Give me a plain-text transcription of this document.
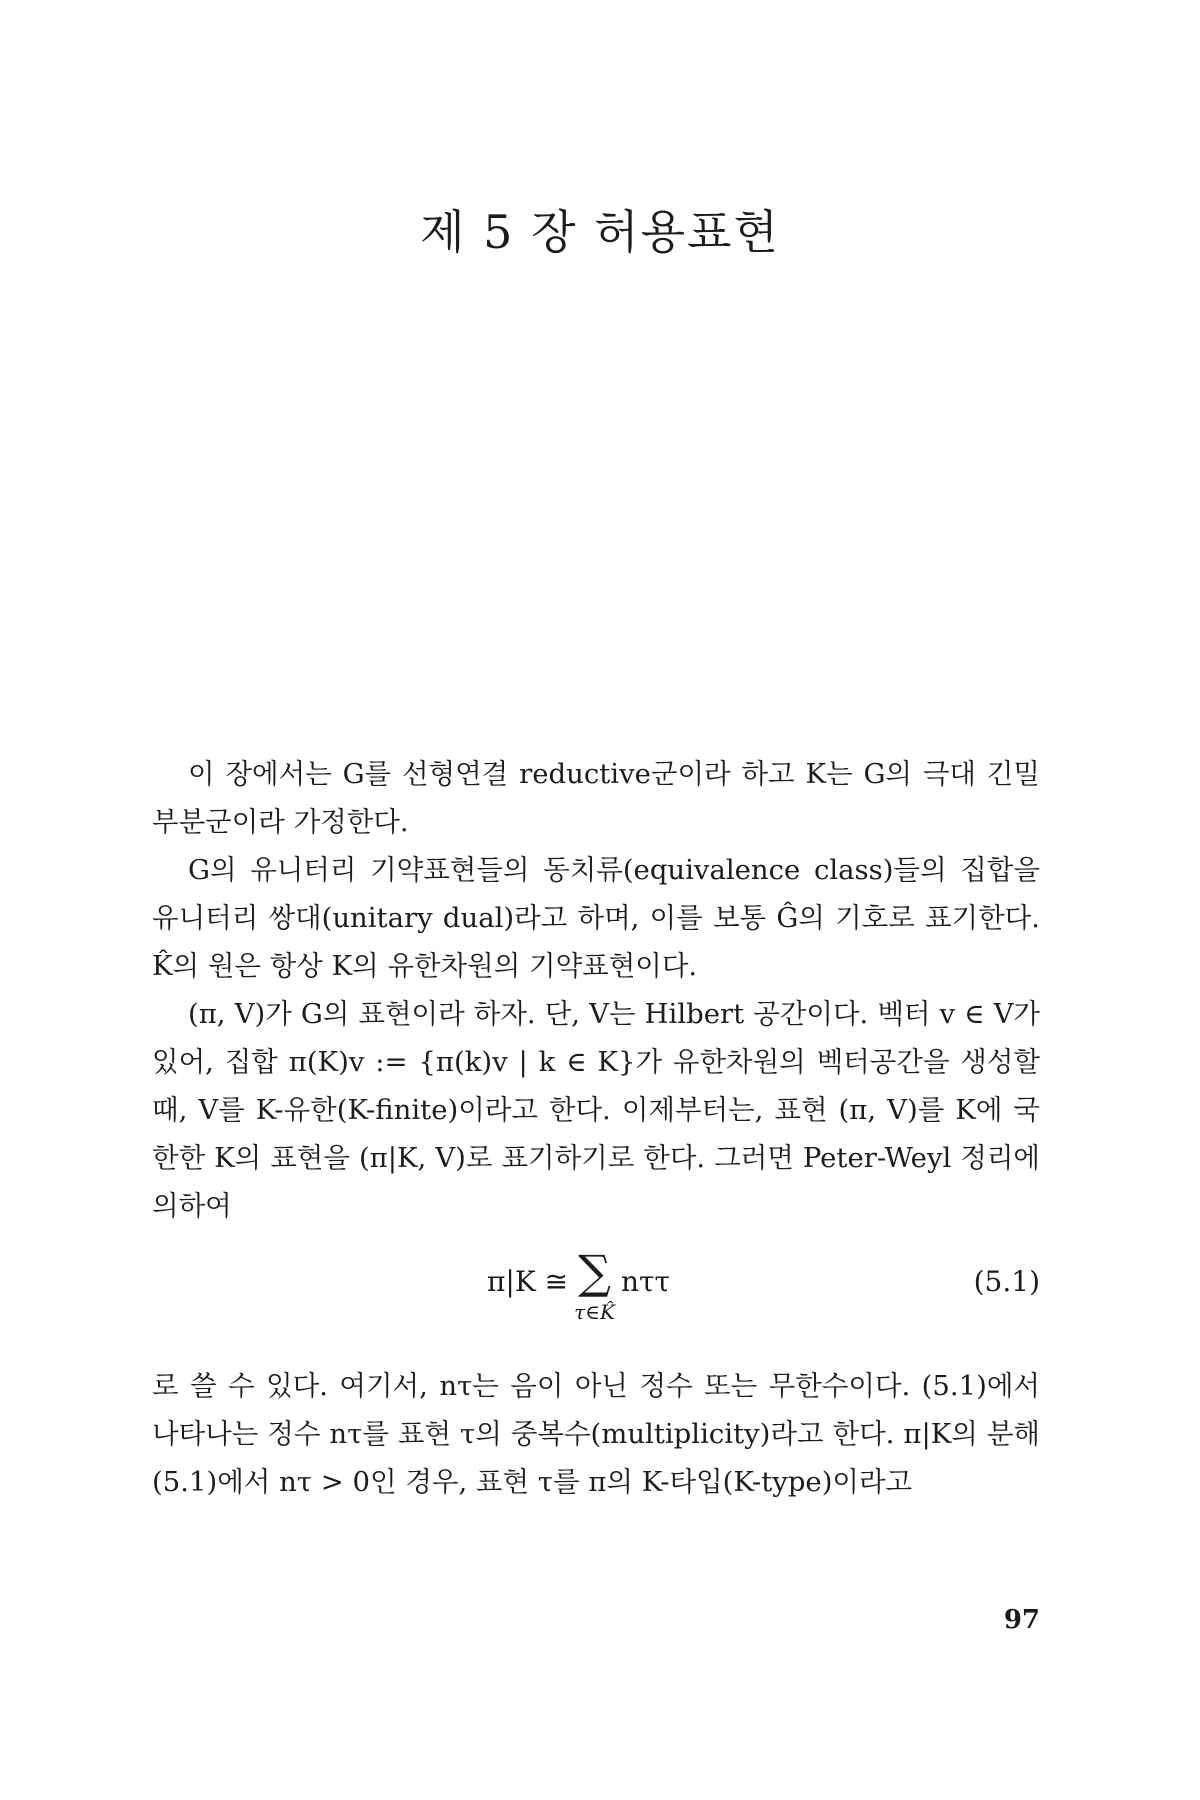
제 5 장 허용표현

이 장에서는 G를 선형연결 reductive군이라 하고 K는 G의 극대 긴밀부분군이라 가정한다.

G의 유니터리 기약표현들의 동치류(equivalence class)들의 집합을 유니터리 쌍대(unitary dual)라고 하며, 이를 보통 Ĝ의 기호로 표기한다. K̂의 원은 항상 K의 유한차원의 기약표현이다.

(π, V)가 G의 표현이라 하자. 단, V는 Hilbert 공간이다. 벡터 v ∈ V가 있어, 집합 π(K)v := {π(k)v | k ∈ K}가 유한차원의 벡터공간을 생성할 때, V를 K-유한(K-finite)이라고 한다. 이제부터는, 표현 (π, V)를 K에 국한한 K의 표현을 (π|K, V)로 표기하기로 한다. 그러면 Peter-Weyl 정리에 의하여

π|K ≅ ∑
τ∈K̂
nττ	(5.1)

로 쓸 수 있다. 여기서, nτ는 음이 아닌 정수 또는 무한수이다. (5.1)에서 나타나는 정수 nτ를 표현 τ의 중복수(multiplicity)라고 한다. π|K의 분해 (5.1)에서 nτ > 0인 경우, 표현 τ를 π의 K-타입(K-type)이라고

97
